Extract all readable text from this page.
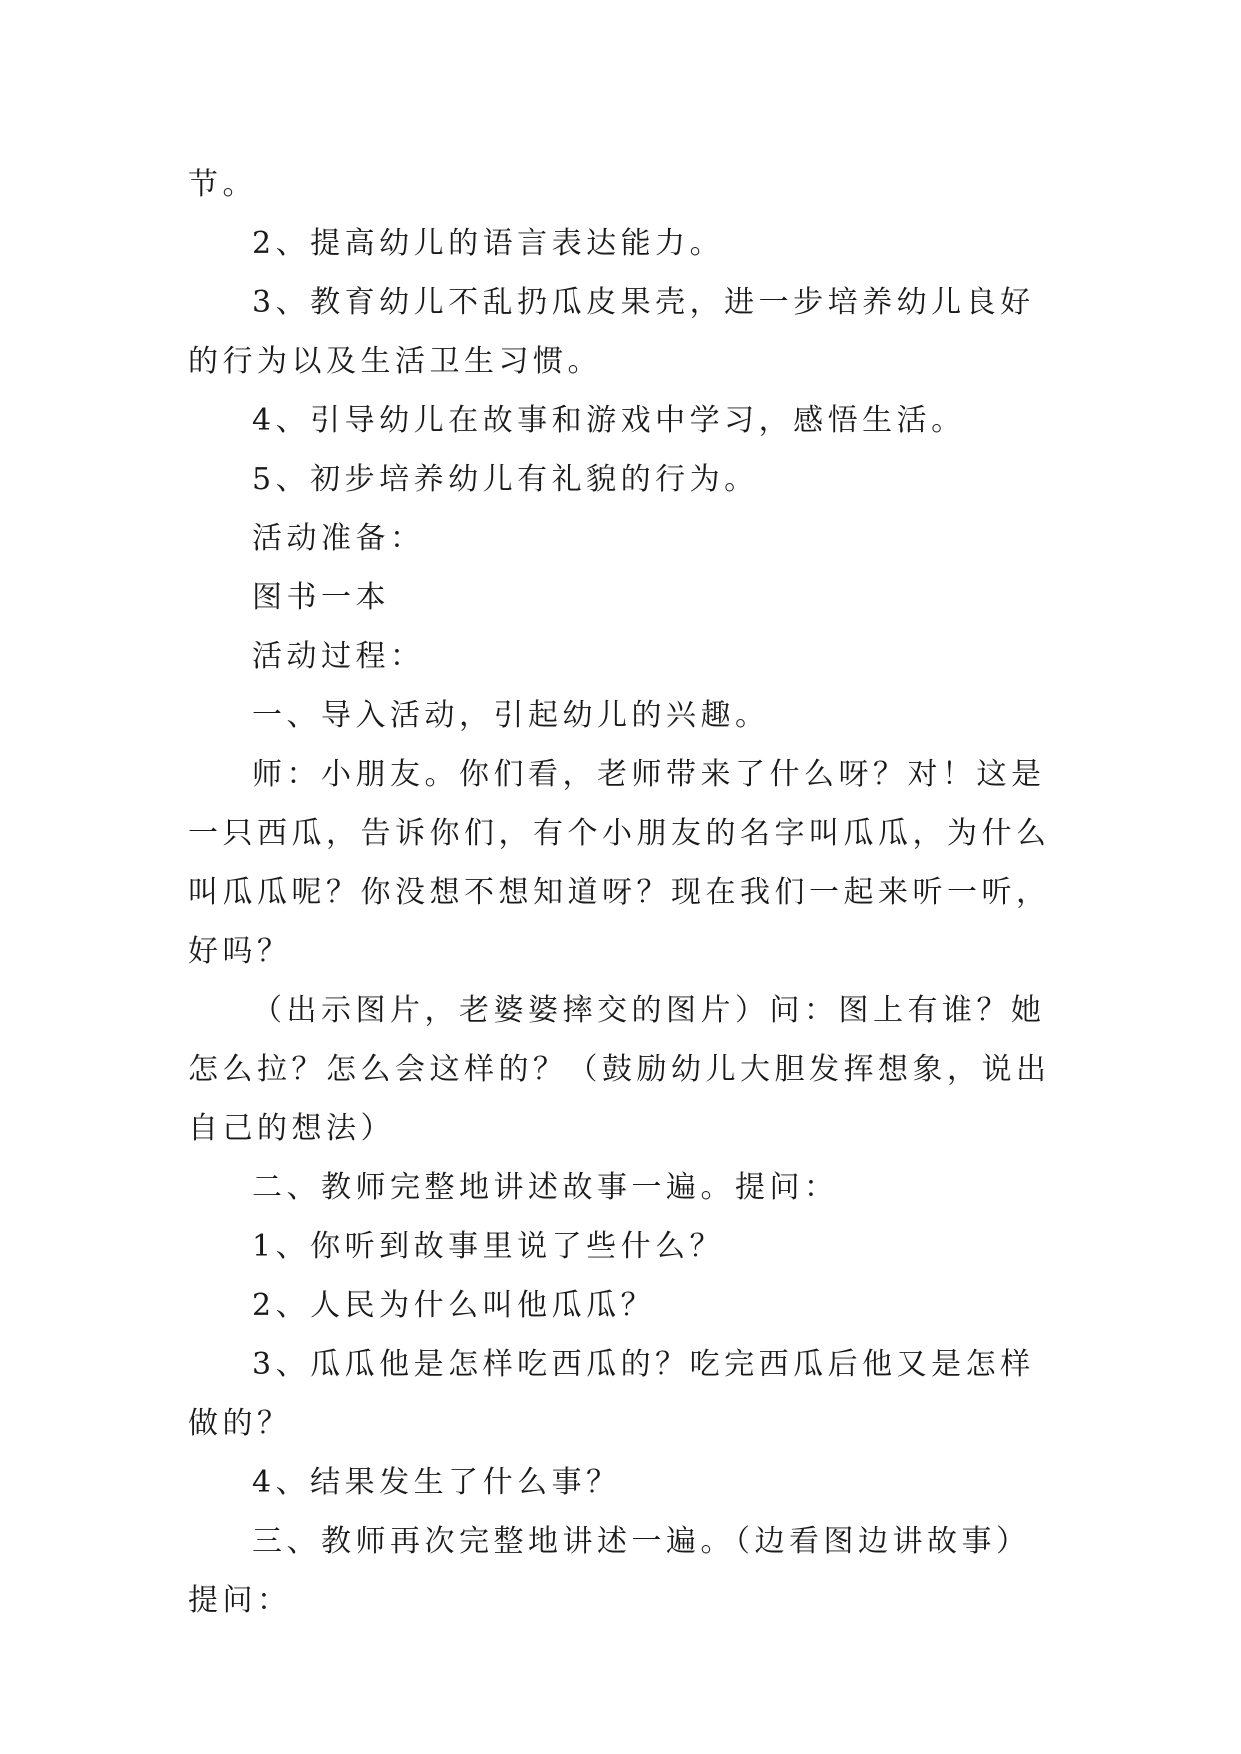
节。

2、提高幼儿的语言表达能力。

3、教育幼儿不乱扔瓜皮果壳，进一步培养幼儿良好的行为以及生活卫生习惯。

4、引导幼儿在故事和游戏中学习，感悟生活。

5、初步培养幼儿有礼貌的行为。

活动准备：

图书一本

活动过程：

一、导入活动，引起幼儿的兴趣。

师：小朋友。你们看，老师带来了什么呀？对！这是一只西瓜，告诉你们，有个小朋友的名字叫瓜瓜，为什么叫瓜瓜呢？你没想不想知道呀？现在我们一起来听一听，好吗？

（出示图片，老婆婆摔交的图片）问：图上有谁？她怎么拉？怎么会这样的？（鼓励幼儿大胆发挥想象，说出自己的想法）

二、教师完整地讲述故事一遍。提问：

1、你听到故事里说了些什么？

2、人民为什么叫他瓜瓜？

3、瓜瓜他是怎样吃西瓜的？吃完西瓜后他又是怎样做的？

4、结果发生了什么事？

三、教师再次完整地讲述一遍。（边看图边讲故事）提问：
